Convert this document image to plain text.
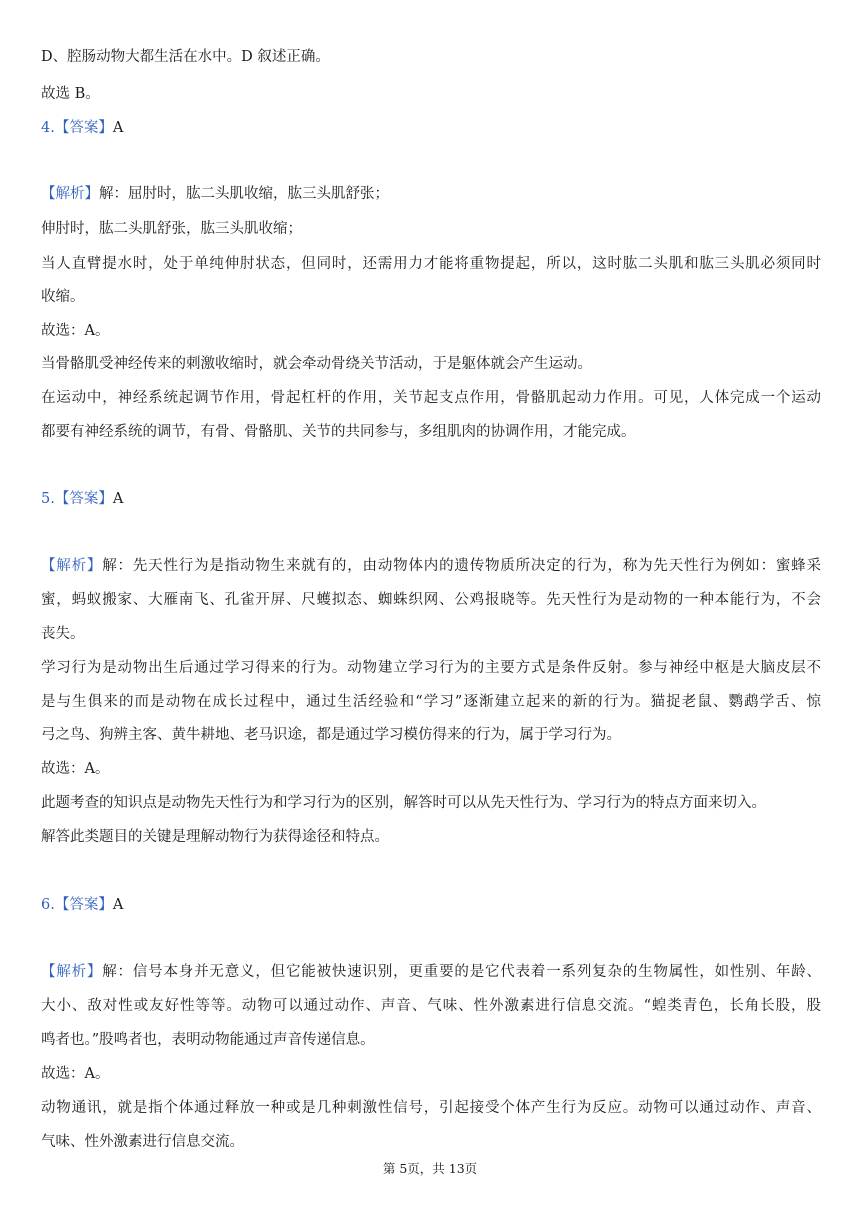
D、腔肠动物大都生活在水中。D 叙述正确。
故选 B。
4.【答案】A
【解析】解：屈肘时，肱二头肌收缩，肱三头肌舒张；
伸肘时，肱二头肌舒张，肱三头肌收缩；
当人直臂提水时，处于单纯伸肘状态，但同时，还需用力才能将重物提起，所以，这时肱二头肌和肱三头肌必须同时
收缩。
故选：A。
当骨骼肌受神经传来的刺激收缩时，就会牵动骨绕关节活动，于是躯体就会产生运动。
在运动中，神经系统起调节作用，骨起杠杆的作用，关节起支点作用，骨骼肌起动力作用。可见，人体完成一个运动
都要有神经系统的调节，有骨、骨骼肌、关节的共同参与，多组肌肉的协调作用，才能完成。
5.【答案】A
【解析】解：先天性行为是指动物生来就有的，由动物体内的遗传物质所决定的行为，称为先天性行为例如：蜜蜂采
蜜，蚂蚁搬家、大雁南飞、孔雀开屏、尺蠖拟态、蜘蛛织网、公鸡报晓等。先天性行为是动物的一种本能行为，不会
丧失。
学习行为是动物出生后通过学习得来的行为。动物建立学习行为的主要方式是条件反射。参与神经中枢是大脑皮层不
是与生俱来的而是动物在成长过程中，通过生活经验和“学习”逐渐建立起来的新的行为。猫捉老鼠、鹦鹉学舌、惊
弓之鸟、狗辨主客、黄牛耕地、老马识途，都是通过学习模仿得来的行为，属于学习行为。
故选：A。
此题考查的知识点是动物先天性行为和学习行为的区别，解答时可以从先天性行为、学习行为的特点方面来切入。
解答此类题目的关键是理解动物行为获得途径和特点。
6.【答案】A
【解析】解：信号本身并无意义，但它能被快速识别，更重要的是它代表着一系列复杂的生物属性，如性别、年龄、
大小、敌对性或友好性等等。动物可以通过动作、声音、气味、性外激素进行信息交流。“蝗类青色，长角长股，股
鸣者也。”股鸣者也，表明动物能通过声音传递信息。
故选：A。
动物通讯，就是指个体通过释放一种或是几种刺激性信号，引起接受个体产生行为反应。动物可以通过动作、声音、
气味、性外激素进行信息交流。
第 5页，共 13页
